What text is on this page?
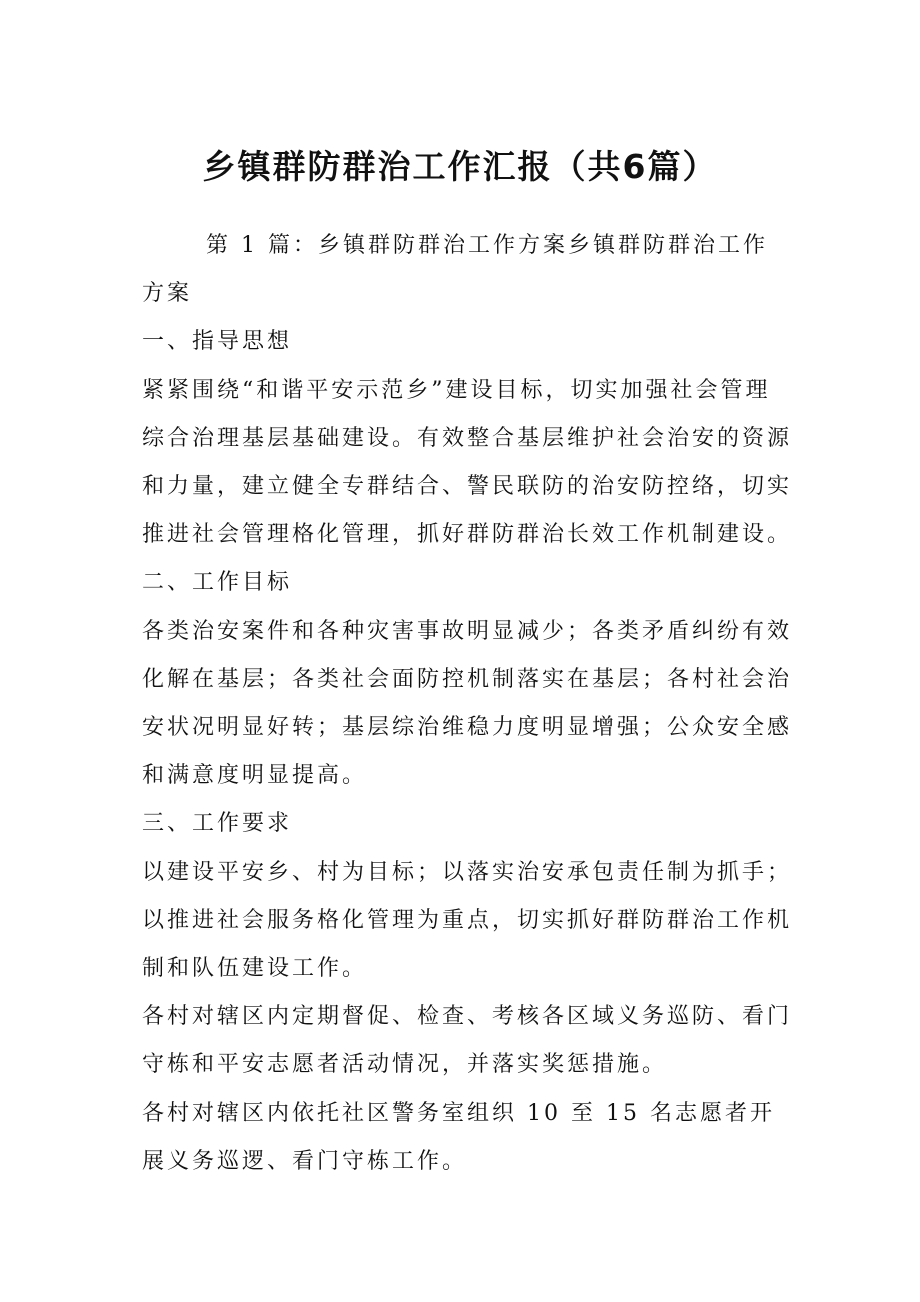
乡镇群防群治工作汇报（共6篇）

第 1 篇：乡镇群防群治工作方案乡镇群防群治工作方案

一、指导思想

紧紧围绕“和谐平安示范乡”建设目标，切实加强社会管理综合治理基层基础建设。有效整合基层维护社会治安的资源和力量，建立健全专群结合、警民联防的治安防控络，切实推进社会管理格化管理，抓好群防群治长效工作机制建设。

二、工作目标

各类治安案件和各种灾害事故明显减少；各类矛盾纠纷有效化解在基层；各类社会面防控机制落实在基层；各村社会治安状况明显好转；基层综治维稳力度明显增强；公众安全感和满意度明显提高。

三、工作要求

以建设平安乡、村为目标；以落实治安承包责任制为抓手；以推进社会服务格化管理为重点，切实抓好群防群治工作机制和队伍建设工作。

各村对辖区内定期督促、检查、考核各区域义务巡防、看门守栋和平安志愿者活动情况，并落实奖惩措施。

各村对辖区内依托社区警务室组织 10 至 15 名志愿者开展义务巡逻、看门守栋工作。
